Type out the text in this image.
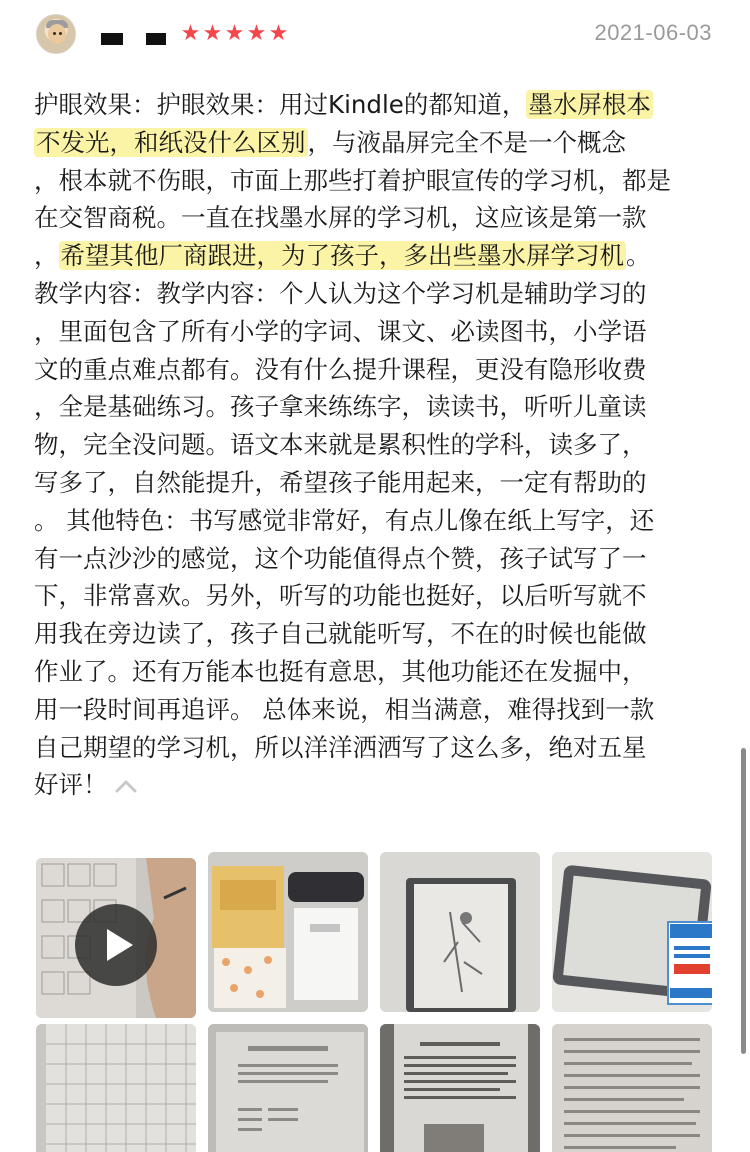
★ ★ ★ ★ ★	2021-06-03
护眼效果：护眼效果：用过Kindle的都知道，墨水屏根本
不发光，和纸没什么区别，与液晶屏完全不是一个概念
，根本就不伤眼，市面上那些打着护眼宣传的学习机，都是
在交智商税。一直在找墨水屏的学习机，这应该是第一款
，希望其他厂商跟进，为了孩子，多出些墨水屏学习机。
教学内容：教学内容：个人认为这个学习机是辅助学习的
，里面包含了所有小学的字词、课文、必读图书，小学语
文的重点难点都有。没有什么提升课程，更没有隐形收费
，全是基础练习。孩子拿来练练字，读读书，听听儿童读
物，完全没问题。语文本来就是累积性的学科，读多了，
写多了，自然能提升，希望孩子能用起来，一定有帮助的
。 其他特色：书写感觉非常好，有点儿像在纸上写字，还
有一点沙沙的感觉，这个功能值得点个赞，孩子试写了一
下，非常喜欢。另外，听写的功能也挺好，以后听写就不
用我在旁边读了，孩子自己就能听写，不在的时候也能做
作业了。还有万能本也挺有意思，其他功能还在发掘中，
用一段时间再追评。 总体来说，相当满意，难得找到一款
自己期望的学习机，所以洋洋洒洒写了这么多，绝对五星
好评！
